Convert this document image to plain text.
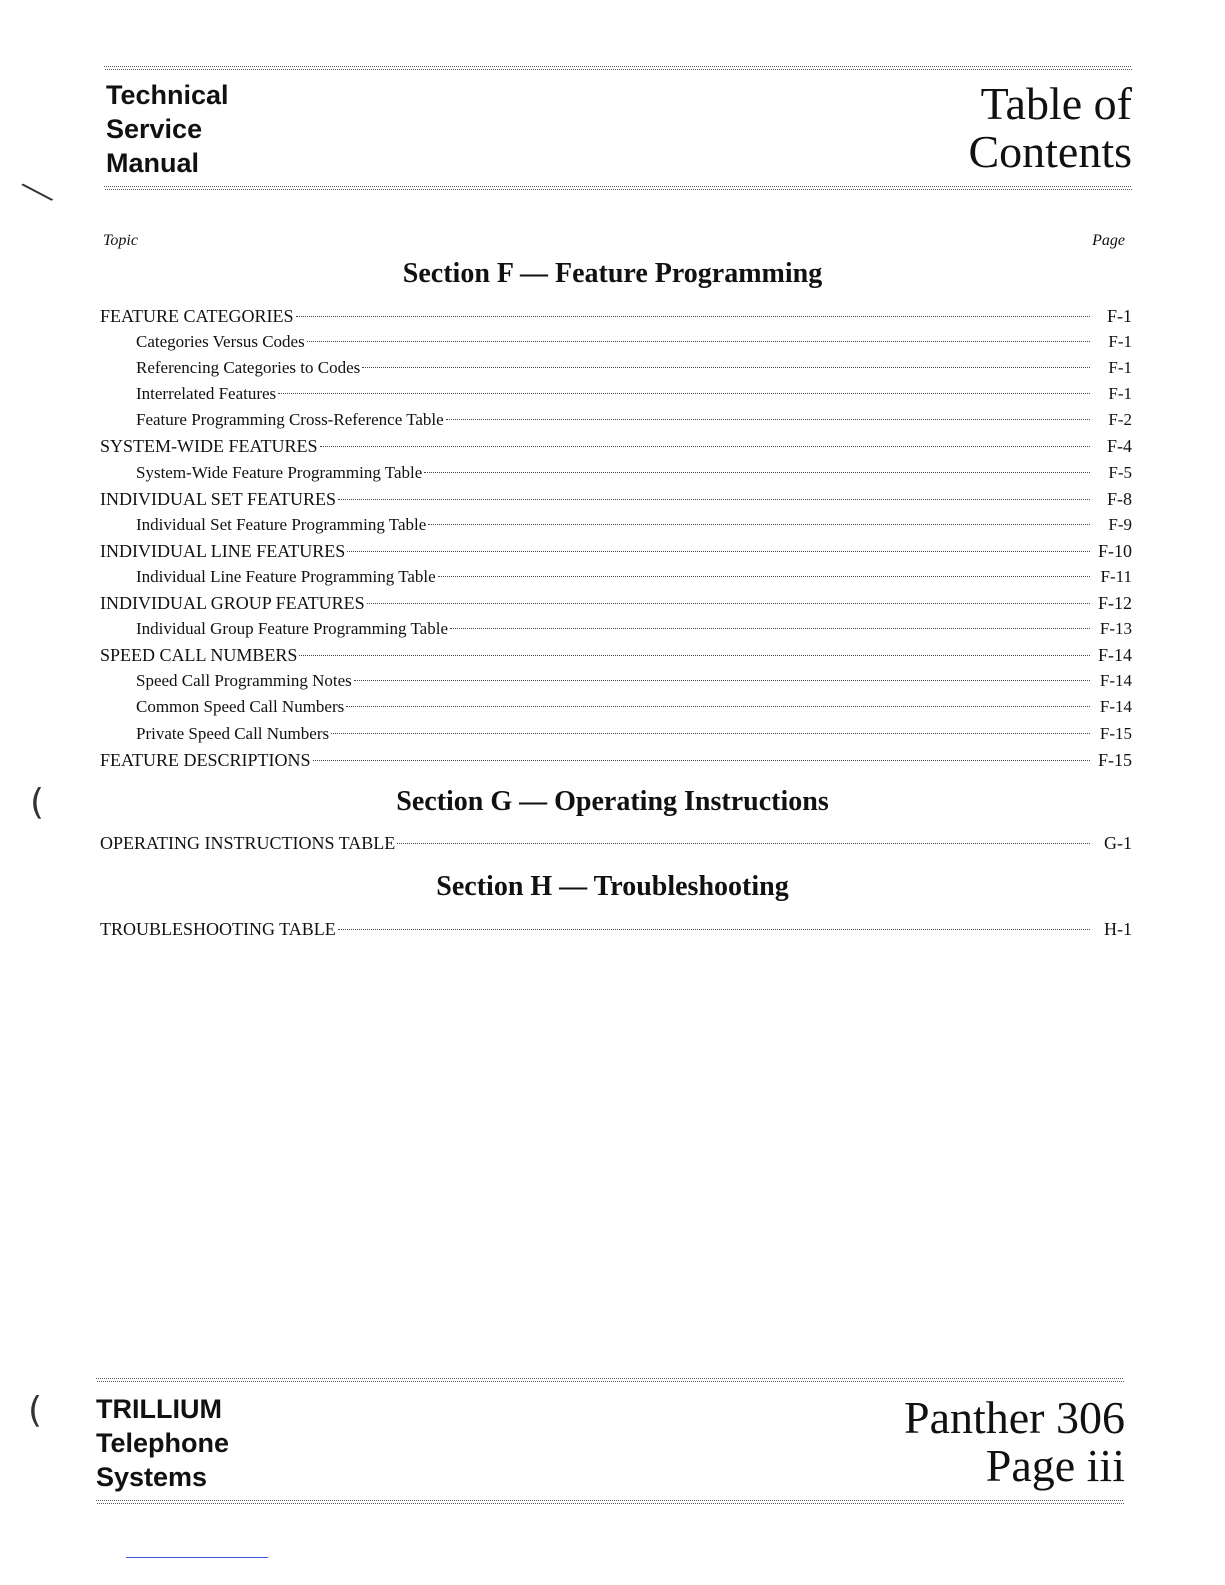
Technical
Service
Manual
Table of
Contents
Topic	Page
Section F — Feature Programming
FEATURE CATEGORIES	F-1
Categories Versus Codes	F-1
Referencing Categories to Codes	F-1
Interrelated Features	F-1
Feature Programming Cross-Reference Table	F-2
SYSTEM-WIDE FEATURES	F-4
System-Wide Feature Programming Table	F-5
INDIVIDUAL SET FEATURES	F-8
Individual Set Feature Programming Table	F-9
INDIVIDUAL LINE FEATURES	F-10
Individual Line Feature Programming Table	F-11
INDIVIDUAL GROUP FEATURES	F-12
Individual Group Feature Programming Table	F-13
SPEED CALL NUMBERS	F-14
Speed Call Programming Notes	F-14
Common Speed Call Numbers	F-14
Private Speed Call Numbers	F-15
FEATURE DESCRIPTIONS	F-15
Section G — Operating Instructions
OPERATING INSTRUCTIONS TABLE	G-1
Section H — Troubleshooting
TROUBLESHOOTING TABLE	H-1
╲
(
( TRILLIUM
Telephone
Systems
Panther 306
Page iii
